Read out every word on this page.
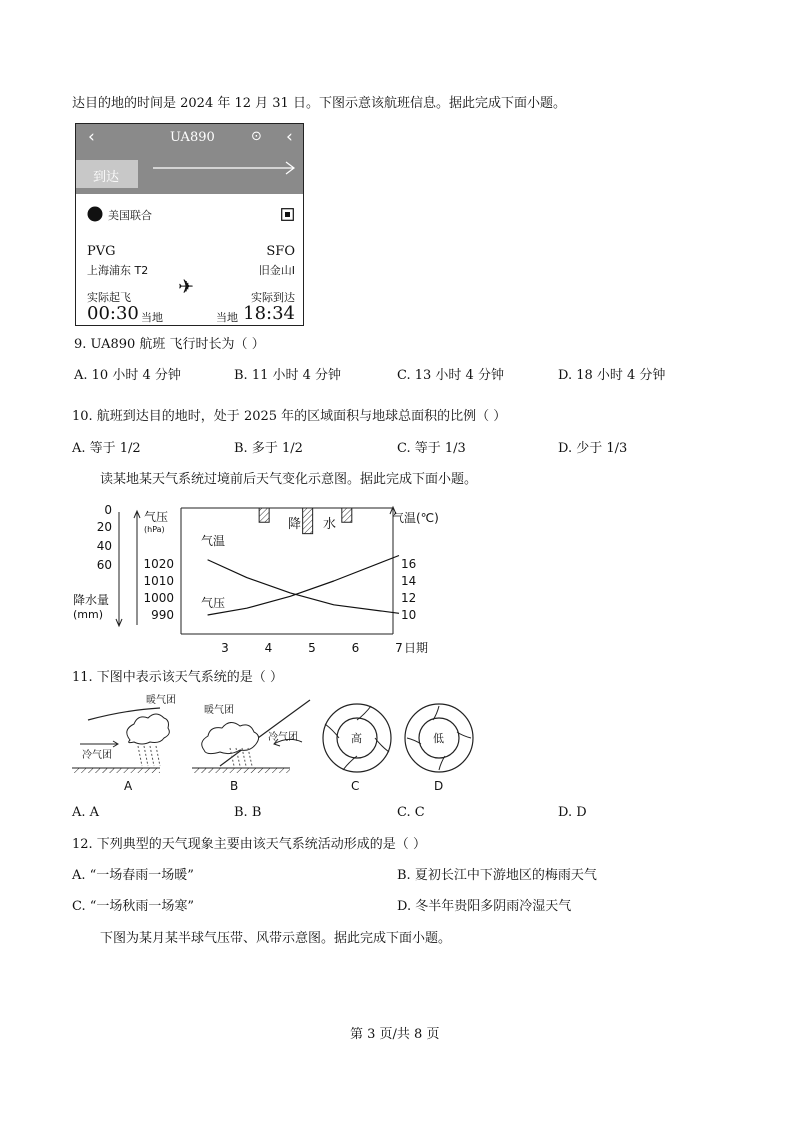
达目的地的时间是 2024 年 12 月 31 日。下图示意该航班信息。据此完成下面小题。
‹	UA890	⊙ ‹
到达
美国联合
PVG
上海浦东 T2
SFO
旧金山I
✈
实际起飞	实际到达
00:30 当地	当地 18:34
9. UA890 航班 飞行时长为（ ）
A. 10 小时 4 分钟	B. 11 小时 4 分钟	C. 13 小时 4 分钟	D. 18 小时 4 分钟
10. 航班到达目的地时，处于 2025 年的区域面积与地球总面积的比例（ ）
A. 等于 1/2	B. 多于 1/2	C. 等于 1/3	D. 少于 1/3
读某地某天气系统过境前后天气变化示意图。据此完成下面小题。
0
20
40
60
降水量
(mm)
气压
(hPa)
1020
1010
1000
990
气温(℃)
16
14
12
10
3	4	5	6	7 日期
降 水
气温
气压
11. 下图中表示该天气系统的是（ ）
暖气团
冷气团
A
暖气团
冷气团
B
高
C
低
D
A. A	B. B	C. C	D. D
12. 下列典型的天气现象主要由该天气系统活动形成的是（ ）
A. “一场春雨一场暖”	B. 夏初长江中下游地区的梅雨天气
C. “一场秋雨一场寒”	D. 冬半年贵阳多阴雨冷湿天气
下图为某月某半球气压带、风带示意图。据此完成下面小题。
第 3 页/共 8 页
